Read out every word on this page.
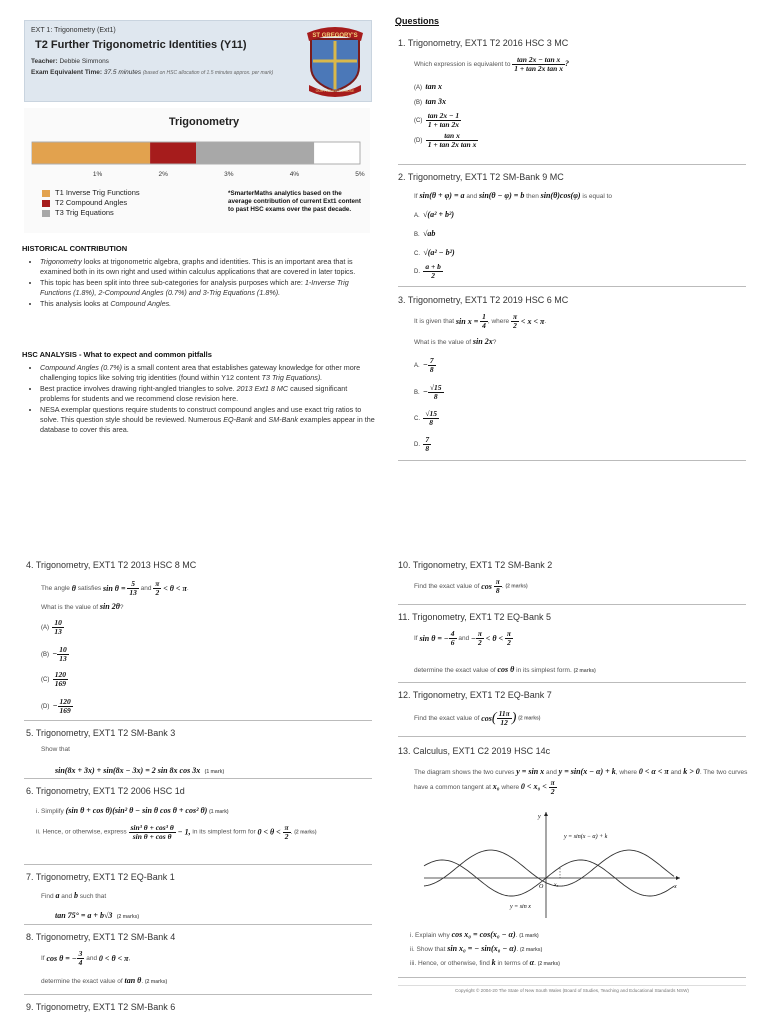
EXT 1: Trigonometry (Ext1)
T2 Further Trigonometric Identities (Y11)
Teacher: Debbie Simmons
Exam Equivalent Time: 37.5 minutes (based on HSC allocation of 1.5 minutes approx. per mark)
ST GREGORY'S
OUR FATHER'S HOUSE
Trigonometry
1%	2%	3%	4%	5%
T1 Inverse Trig Functions
T2 Compound Angles
T3 Trig Equations
*SmarterMaths analytics based on the average contribution of current Ext1 content to past HSC exams over the past decade.
HISTORICAL CONTRIBUTION
• Trigonometry looks at trigonometric algebra, graphs and identities. This is an important area that is examined both in its own right and used within calculus applications that are covered in later topics.
• This topic has been split into three sub-categories for analysis purposes which are: 1-Inverse Trig Functions (1.8%), 2-Compound Angles (0.7%) and 3-Trig Equations (1.8%).
• This analysis looks at Compound Angles.
HSC ANALYSIS - What to expect and common pitfalls
• Compound Angles (0.7%) is a small content area that establishes gateway knowledge for other more challenging topics like solving trig identities (found within Y12 content T3 Trig Equations).
• Best practice involves drawing right-angled triangles to solve. 2013 Ext1 8 MC caused significant problems for students and we recommend close revision here.
• NESA exemplar questions require students to construct compound angles and use exact trig ratios to solve. This question style should be reviewed. Numerous EQ-Bank and SM-Bank examples appear in the database to cover this area.
Questions
1. Trigonometry, EXT1 T2 2016 HSC 3 MC
Which expression is equivalent to $\frac{\text{tan 2x − tan x}}{\text{1 + tan 2x tan x}}$ ?
(A) tan x
(B) tan 3x
$(C) \frac{\tan 2x - 1}{1 + \tan 2x}$
$(D) \frac{\text{tan x}}{\text{1 + tan 2x tan x}}$
2. Trigonometry, EXT1 T2 SM-Bank 9 MC
If sin(θ + φ) = a and sin(θ − φ) = b then sin(θ)cos(φ) is equal to
A. √(a² + b²)
B. √ab
C. √(a² − b²)
D. $\frac{a + b}{2}$
3. Trigonometry, EXT1 T2 2019 HSC 6 MC
It is given that $\sin x = \frac{1}{4}$ , where $\frac{\pi}{2} < x < \pi$.
What is the value of sin 2x?
A. − $\frac{7}{8}$
B. − $\frac{√15}{8}$
C. $\frac{√15}{8}$
D. $\frac{7}{8}$
4. Trigonometry, EXT1 T2 2013 HSC 8 MC
The angle θ satisfies $\sin \theta = \frac{5}{13}$ and $\frac{\pi}{2} < \theta < \pi$.
What is the value of sin 2θ?
$(A) \frac{10}{13}$
$(B) - \frac{10}{13}$
$(C) \frac{120}{169}$
$(D) - \frac{120}{169}$
5. Trigonometry, EXT1 T2 SM-Bank 3
Show that
sin(8x + 3x) + sin(8x − 3x) = 2 sin 8x cos 3x (1 mark)
6. Trigonometry, EXT1 T2 2006 HSC 1d
i. Simplify (sin θ + cos θ)(sin² θ − sin θ cos θ + cos² θ) (1 mark)
ii. Hence, or otherwise, express $\frac{\text{sin³ θ + cos³ θ}}{\text{sin θ + cos θ}} - 1$, in its simplest form for $0 < \theta < \frac{\pi}{2}$ . (2 marks)
7. Trigonometry, EXT1 T2 EQ-Bank 1
Find a and b such that
tan 75° = a + b√3 (2 marks)
8. Trigonometry, EXT1 T2 SM-Bank 4
If cos θ = − $\frac{3}{4}$ and 0 < θ < π,
determine the exact value of tan θ. (2 marks)
9. Trigonometry, EXT1 T2 SM-Bank 6
10. Trigonometry, EXT1 T2 SM-Bank 2
Find the exact value of $\cos \frac{\pi}{8}$ . (2 marks)
11. Trigonometry, EXT1 T2 EQ-Bank 5
If sin θ = − $\frac{4}{6}$ and − $\frac{\pi}{2} < \theta < \frac{\pi}{2}$
determine the exact value of cos θ in its simplest form. (2 marks)
12. Trigonometry, EXT1 T2 EQ-Bank 7
Find the exact value of $\cos( \frac{11\pi}{12}$ ) (2 marks)
13. Calculus, EXT1 C2 2019 HSC 14c
The diagram shows the two curves y = sin x and y = sin(x − α) + k, where 0 < α < π and k > 0. The two curves have a common tangent at x₀ where $0 < x_0 < \frac{\pi}{2}$
y
x
O x₀
y = sin(x − α) + k
y = sin x
i. Explain why cos x₀ = cos(x₀ − α). (1 mark)
ii. Show that sin x₀ = − sin(x₀ − α). (2 marks)
iii. Hence, or otherwise, find k in terms of α. (2 marks)
Copyright © 2004-20 The State of New South Wales (Board of Studies, Teaching and Educational Standards NSW)
